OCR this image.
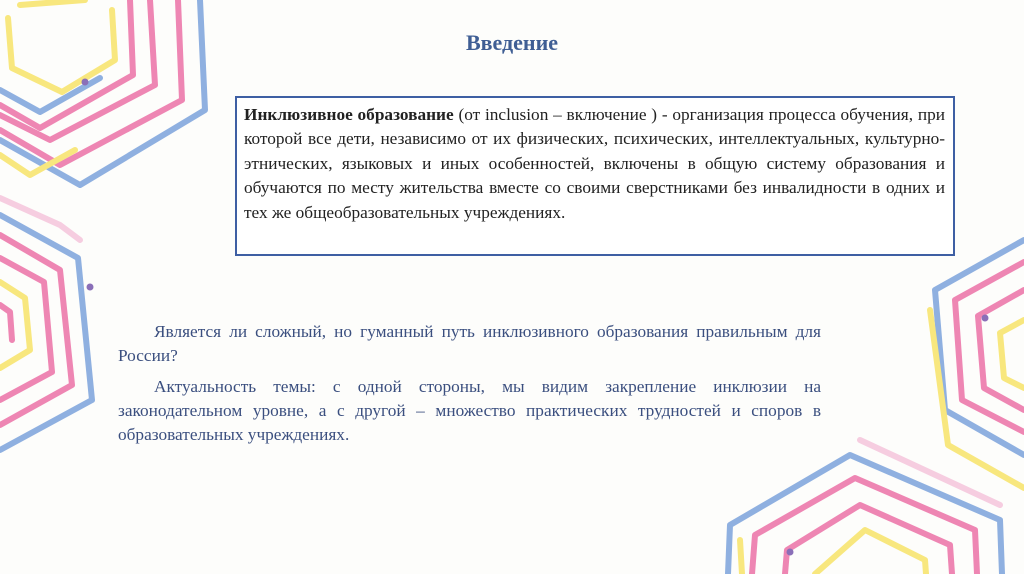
Введение
Инклюзивное образование (от inclusion – включение ) - организация процесса обучения, при которой все дети, независимо от их физических, психических, интеллектуальных, культурно-этнических, языковых и иных особенностей, включены в общую систему образования и обучаются по месту жительства вместе со своими сверстниками без инвалидности в одних и тех же общеобразовательных учреждениях.

Является ли сложный, но гуманный путь инклюзивного образования правильным для России?

Актуальность темы: с одной стороны, мы видим закрепление инклюзии на законодательном уровне, а с другой – множество практических трудностей и споров в образовательных учреждениях.
